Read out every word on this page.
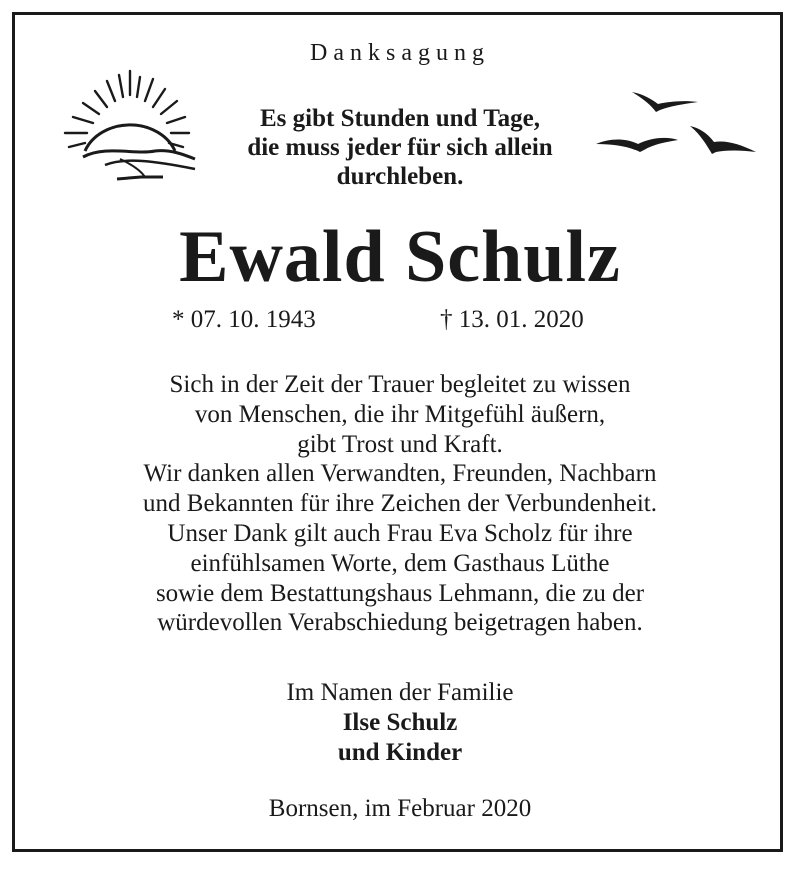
Danksagung
Es gibt Stunden und Tage,
die muss jeder für sich allein
durchleben.
Ewald Schulz
* 07. 10. 1943	† 13. 01. 2020
Sich in der Zeit der Trauer begleitet zu wissen
von Menschen, die ihr Mitgefühl äußern,
gibt Trost und Kraft.
Wir danken allen Verwandten, Freunden, Nachbarn
und Bekannten für ihre Zeichen der Verbundenheit.
Unser Dank gilt auch Frau Eva Scholz für ihre
einfühlsamen Worte, dem Gasthaus Lüthe
sowie dem Bestattungshaus Lehmann, die zu der
würdevollen Verabschiedung beigetragen haben.
Im Namen der Familie
Ilse Schulz
und Kinder
Bornsen, im Februar 2020
